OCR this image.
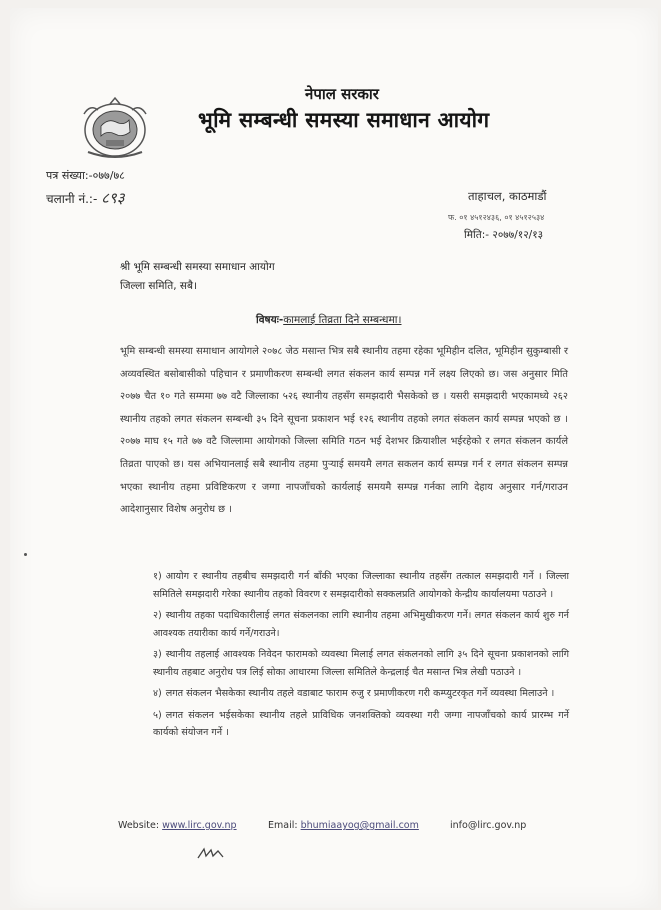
नेपाल सरकार
भूमि सम्बन्धी समस्या समाधान आयोग
पत्र संख्या:-०७७/७८
चलानी नं.:- ८९३	ताहाचल, काठमाडौं
फ. ०१ ४५१२४३६, ०१ ४५१२५३४
मिति:- २०७७/१२/१३
श्री भूमि सम्बन्धी समस्या समाधान आयोग
जिल्ला समिति, सबै।
विषयः-कामलाई तिव्रता दिने सम्बन्धमा।
भूमि सम्बन्धी समस्या समाधान आयोगले २०७८ जेठ मसान्त भित्र सबै स्थानीय तहमा रहेका भूमिहीन दलित, भूमिहीन सुकुम्बासी र अव्यवस्थित बसोबासीको पहिचान र प्रमाणीकरण सम्बन्धी लगत संकलन कार्य सम्पन्न गर्ने लक्ष्य लिएको छ। जस अनुसार मिति २०७७ चैत १० गते सम्ममा ७७ वटै जिल्लाका ५२६ स्थानीय तहसँग समझदारी भैसकेको छ । यसरी समझदारी भएकामध्ये २६२ स्थानीय तहको लगत संकलन सम्बन्धी ३५ दिने सूचना प्रकाशन भई १२६ स्थानीय तहको लगत संकलन कार्य सम्पन्न भएको छ । २०७७ माघ १५ गते ७७ वटै जिल्लामा आयोगको जिल्ला समिति गठन भई देशभर क्रियाशील भईरहेको र लगत संकलन कार्यले तिव्रता पाएको छ। यस अभियानलाई सबै स्थानीय तहमा पुऱ्याई समयमै लगत सकलन कार्य सम्पन्न गर्न र लगत संकलन सम्पन्न भएका स्थानीय तहमा प्रविष्टिकरण र जग्गा नापजाँचको कार्यलाई समयमै सम्पन्न गर्नका लागि देहाय अनुसार गर्न/गराउन आदेशानुसार विशेष अनुरोध छ ।
१) आयोग र स्थानीय तहबीच समझदारी गर्न बाँकी भएका जिल्लाका स्थानीय तहसँग तत्काल समझदारी गर्ने । जिल्ला समितिले समझदारी गरेका स्थानीय तहको विवरण र समझदारीको सक्कलप्रति आयोगको केन्द्रीय कार्यालयमा पठाउने ।
२) स्थानीय तहका पदाधिकारीलाई लगत संकलनका लागि स्थानीय तहमा अभिमुखीकरण गर्ने। लगत संकलन कार्य शुरु गर्न आवश्यक तयारीका कार्य गर्ने/गराउने।
३) स्थानीय तहलाई आवश्यक निवेदन फारामको व्यवस्था मिलाई लगत संकलनको लागि ३५ दिने सूचना प्रकाशनको लागि स्थानीय तहबाट अनुरोध पत्र लिई सोका आधारमा जिल्ला समितिले केन्द्रलाई चैत मसान्त भित्र लेखी पठाउने ।
४) लगत संकलन भैसकेका स्थानीय तहले वडाबाट फाराम रुजु र प्रमाणीकरण गरी कम्प्युटरकृत गर्ने व्यवस्था मिलाउने ।
५) लगत संकलन भईसकेका स्थानीय तहले प्राविधिक जनशक्तिको व्यवस्था गरी जग्गा नापजाँचको कार्य प्रारम्भ गर्ने कार्यको संयोजन गर्ने ।
Website: www.lirc.gov.np	Email: bhumiaayog@gmail.com	info@lirc.gov.np
